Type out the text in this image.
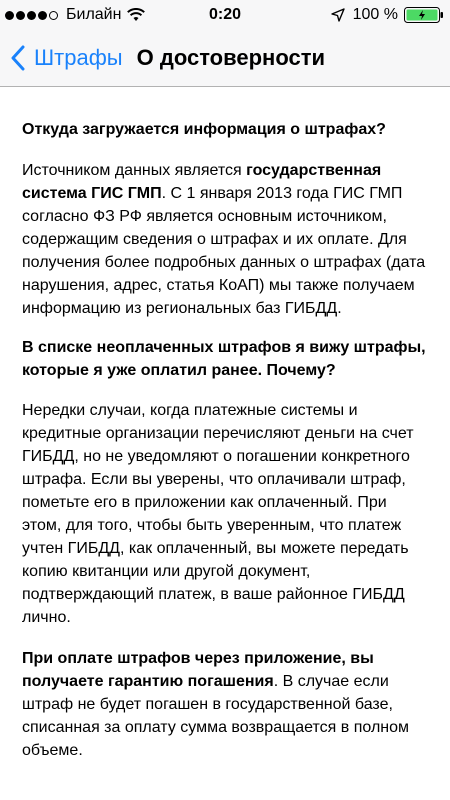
Билайн	0:20	100 %
Штрафы О достоверности

Откуда загружается информация о штрафах?

Источником данных является государственная система ГИС ГМП. С 1 января 2013 года ГИС ГМП согласно ФЗ РФ является основным источником, содержащим сведения о штрафах и их оплате. Для получения более подробных данных о штрафах (дата нарушения, адрес, статья КоАП) мы также получаем информацию из региональных баз ГИБДД.

В списке неоплаченных штрафов я вижу штрафы, которые я уже оплатил ранее. Почему?

Нередки случаи, когда платежные системы и кредитные организации перечисляют деньги на счет ГИБДД, но не уведомляют о погашении конкретного штрафа. Если вы уверены, что оплачивали штраф, пометьте его в приложении как оплаченный. При этом, для того, чтобы быть уверенным, что платеж учтен ГИБДД, как оплаченный, вы можете передать копию квитанции или другой документ, подтверждающий платеж, в ваше районное ГИБДД лично.

При оплате штрафов через приложение, вы получаете гарантию погашения. В случае если штраф не будет погашен в государственной базе, списанная за оплату сумма возвращается в полном объеме.
